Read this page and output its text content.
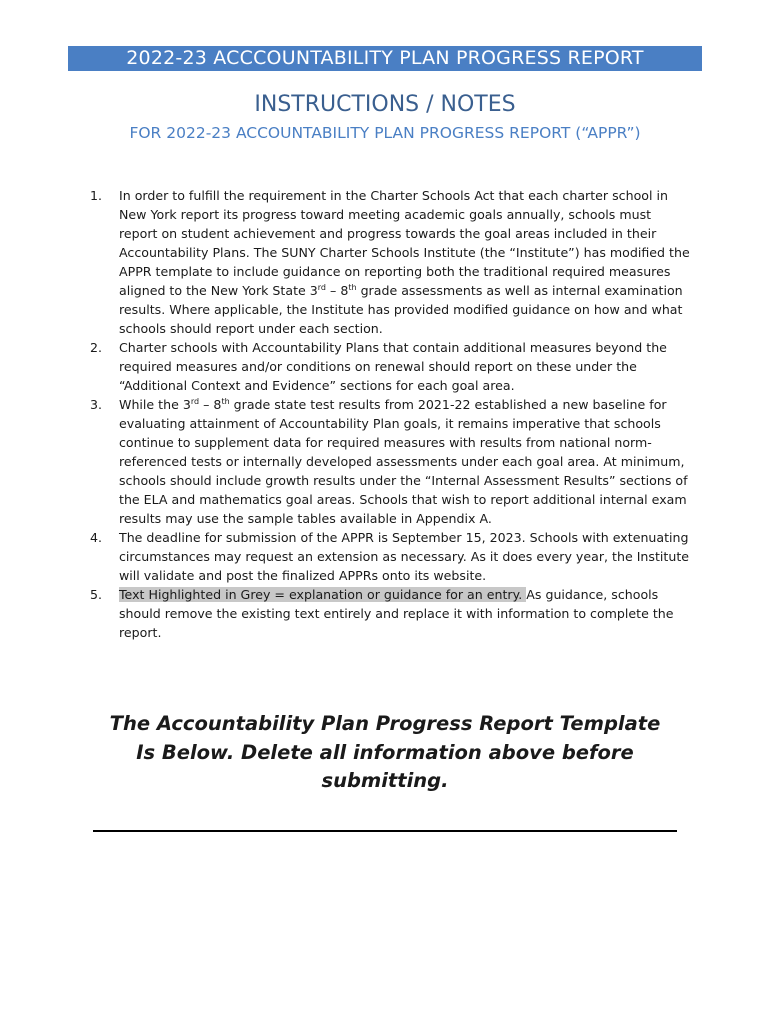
2022-23 ACCCOUNTABILITY PLAN PROGRESS REPORT
INSTRUCTIONS / NOTES
FOR 2022-23 ACCOUNTABILITY PLAN PROGRESS REPORT (“APPR”)
1. In order to fulfill the requirement in the Charter Schools Act that each charter school in New York report its progress toward meeting academic goals annually, schools must report on student achievement and progress towards the goal areas included in their Accountability Plans. The SUNY Charter Schools Institute (the “Institute”) has modified the APPR template to include guidance on reporting both the traditional required measures aligned to the New York State 3rd – 8th grade assessments as well as internal examination results. Where applicable, the Institute has provided modified guidance on how and what schools should report under each section.
2. Charter schools with Accountability Plans that contain additional measures beyond the required measures and/or conditions on renewal should report on these under the “Additional Context and Evidence” sections for each goal area.
3. While the 3rd – 8th grade state test results from 2021-22 established a new baseline for evaluating attainment of Accountability Plan goals, it remains imperative that schools continue to supplement data for required measures with results from national norm-referenced tests or internally developed assessments under each goal area. At minimum, schools should include growth results under the “Internal Assessment Results” sections of the ELA and mathematics goal areas. Schools that wish to report additional internal exam results may use the sample tables available in Appendix A.
4. The deadline for submission of the APPR is September 15, 2023. Schools with extenuating circumstances may request an extension as necessary. As it does every year, the Institute will validate and post the finalized APPRs onto its website.
5. Text Highlighted in Grey = explanation or guidance for an entry. As guidance, schools should remove the existing text entirely and replace it with information to complete the report.
The Accountability Plan Progress Report Template
Is Below. Delete all information above before
submitting.
